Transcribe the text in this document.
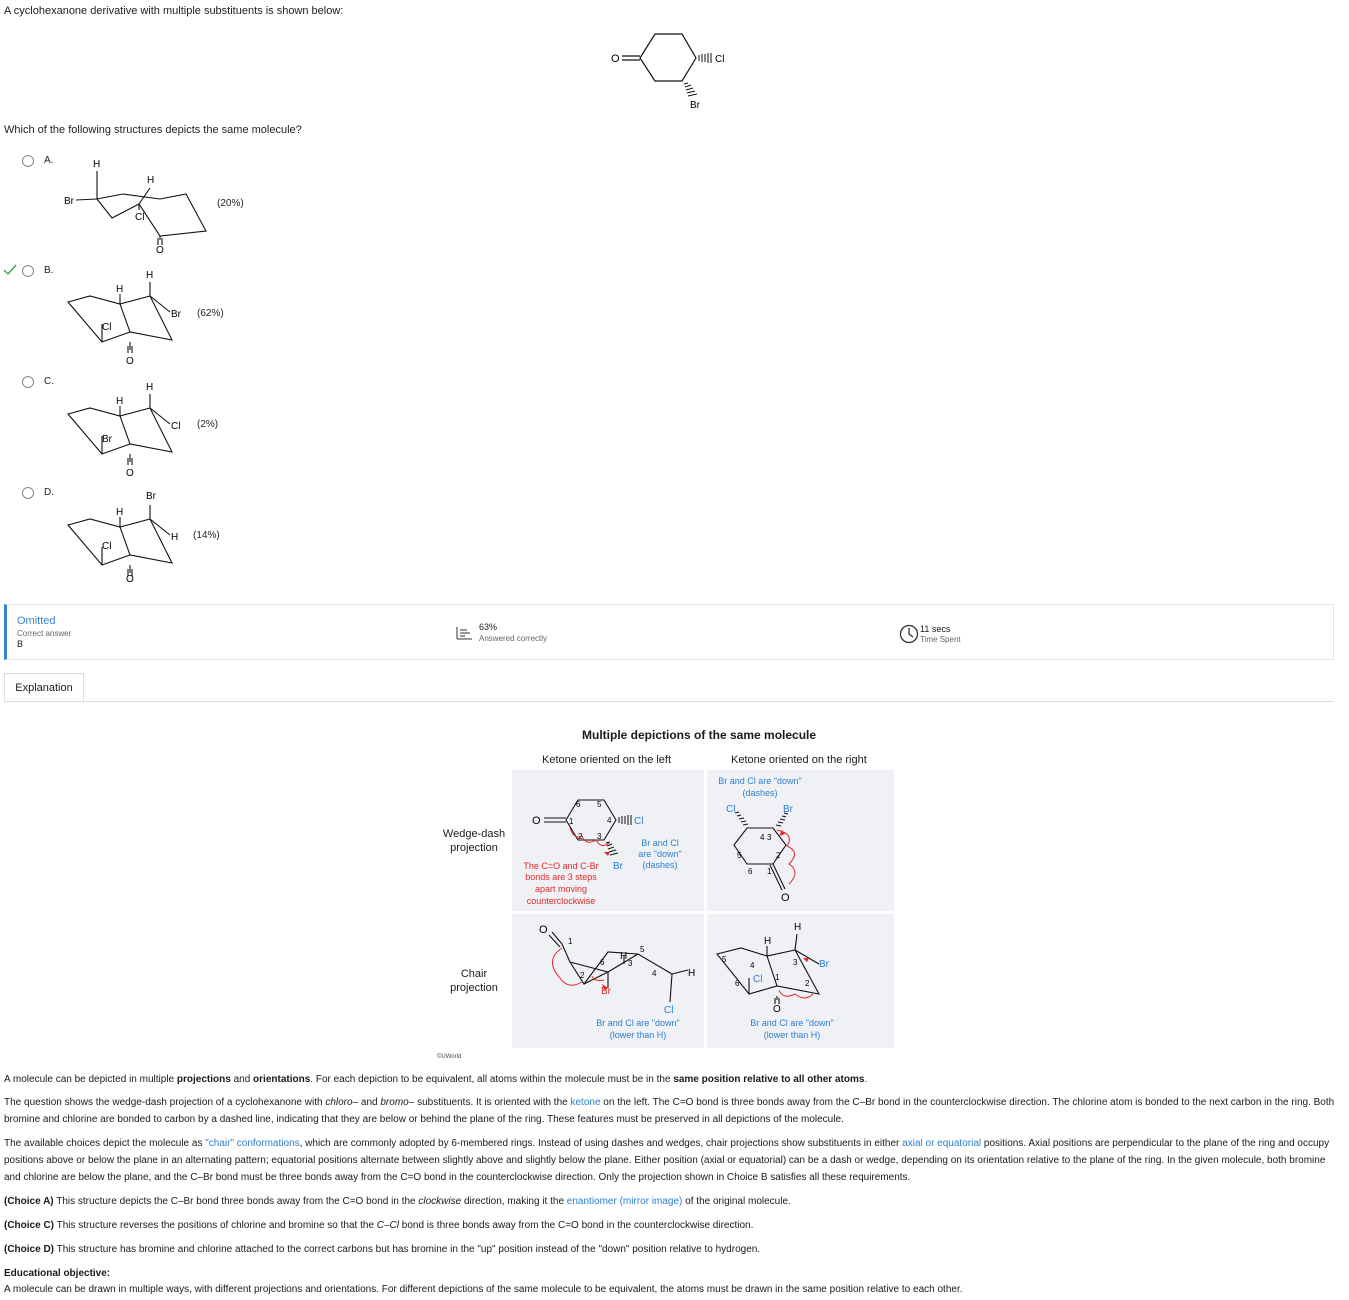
A cyclohexanone derivative with multiple substituents is shown below:
O	Cl
Br
Which of the following structures depicts the same molecule?
A.	H
H
Br
Cl
O
(20%)
B.
H
H
Br
Cl
O
(62%)
C.
H
H
Cl
Br
O
(2%)
D.
H
Br
H
Cl
O
(14%)
Omitted
Correct answer
B
63%
Answered correctly
11 secs
Time Spent
Explanation
Multiple depictions of the same molecule
Ketone oriented on the left	Ketone oriented on the right
Wedge-dash
projection
Chair
projection
6 5
1	4
2 3
O	Cl
Br
Br and Cl
are "down"
(dashes)
The C=O and C-Br
bonds are 3 steps
apart moving
counterclockwise
Br and Cl are "down"
(dashes)
Cl	Br
4 3
5	2
6 1
O
O
1
6
H
5
3
2	4	H
Br
Cl
Br and Cl are "down"
(lower than H)
H
H
5
4	3 Br
6 Cl 1
2
O
Br and Cl are "down"
(lower than H)
©UWorld
A molecule can be depicted in multiple projections and orientations. For each depiction to be equivalent, all atoms within the molecule must be in the same position relative to all other atoms.
The question shows the wedge-dash projection of a cyclohexanone with chloro– and bromo– substituents. It is oriented with the ketone on the left. The C=O bond is three bonds away from the C–Br bond in the counterclockwise direction. The chlorine atom is bonded to the next carbon in the ring. Both bromine and chlorine are bonded to carbon by a dashed line, indicating that they are below or behind the plane of the ring. These features must be preserved in all depictions of the molecule.
The available choices depict the molecule as "chair" conformations, which are commonly adopted by 6-membered rings. Instead of using dashes and wedges, chair projections show substituents in either axial or equatorial positions. Axial positions are perpendicular to the plane of the ring and occupy positions above or below the plane in an alternating pattern; equatorial positions alternate between slightly above and slightly below the plane. Either position (axial or equatorial) can be a dash or wedge, depending on its orientation relative to the plane of the ring. In the given molecule, both bromine and chlorine are below the plane, and the C–Br bond must be three bonds away from the C=O bond in the counterclockwise direction. Only the projection shown in Choice B satisfies all these requirements.
(Choice A) This structure depicts the C–Br bond three bonds away from the C=O bond in the clockwise direction, making it the enantiomer (mirror image) of the original molecule.
(Choice C) This structure reverses the positions of chlorine and bromine so that the C–Cl bond is three bonds away from the C=O bond in the counterclockwise direction.
(Choice D) This structure has bromine and chlorine attached to the correct carbons but has bromine in the "up" position instead of the "down" position relative to hydrogen.
Educational objective:
A molecule can be drawn in multiple ways, with different projections and orientations. For different depictions of the same molecule to be equivalent, the atoms must be drawn in the same position relative to each other.
